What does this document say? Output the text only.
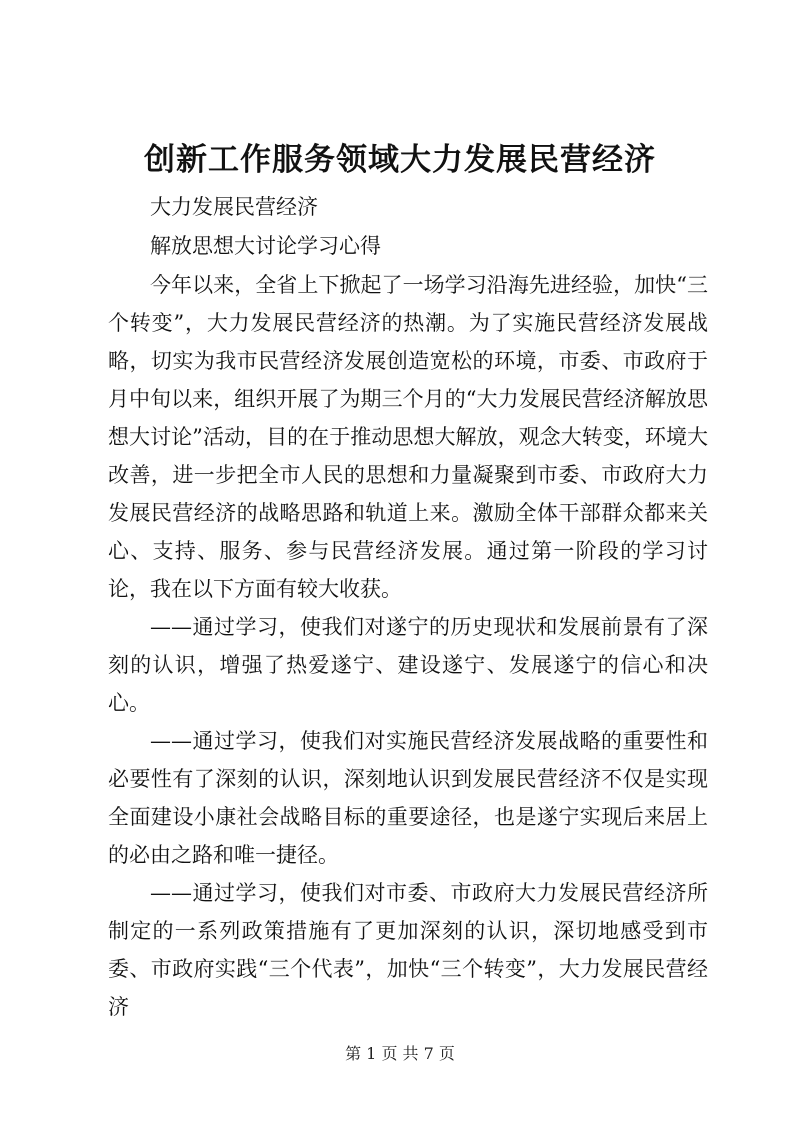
创新工作服务领域大力发展民营经济
大力发展民营经济
解放思想大讨论学习心得

今年以来，全省上下掀起了一场学习沿海先进经验，加快“三个转变”，大力发展民营经济的热潮。为了实施民营经济发展战略，切实为我市民营经济发展创造宽松的环境，市委、市政府于月中旬以来，组织开展了为期三个月的“大力发展民营经济解放思想大讨论”活动，目的在于推动思想大解放，观念大转变，环境大改善，进一步把全市人民的思想和力量凝聚到市委、市政府大力发展民营经济的战略思路和轨道上来。激励全体干部群众都来关心、支持、服务、参与民营经济发展。通过第一阶段的学习讨论，我在以下方面有较大收获。

——通过学习，使我们对遂宁的历史现状和发展前景有了深刻的认识，增强了热爱遂宁、建设遂宁、发展遂宁的信心和决心。

——通过学习，使我们对实施民营经济发展战略的重要性和必要性有了深刻的认识，深刻地认识到发展民营经济不仅是实现全面建设小康社会战略目标的重要途径，也是遂宁实现后来居上的必由之路和唯一捷径。

——通过学习，使我们对市委、市政府大力发展民营经济所制定的一系列政策措施有了更加深刻的认识，深切地感受到市委、市政府实践“三个代表”，加快“三个转变”，大力发展民营经济

第 1 页 共 7 页
